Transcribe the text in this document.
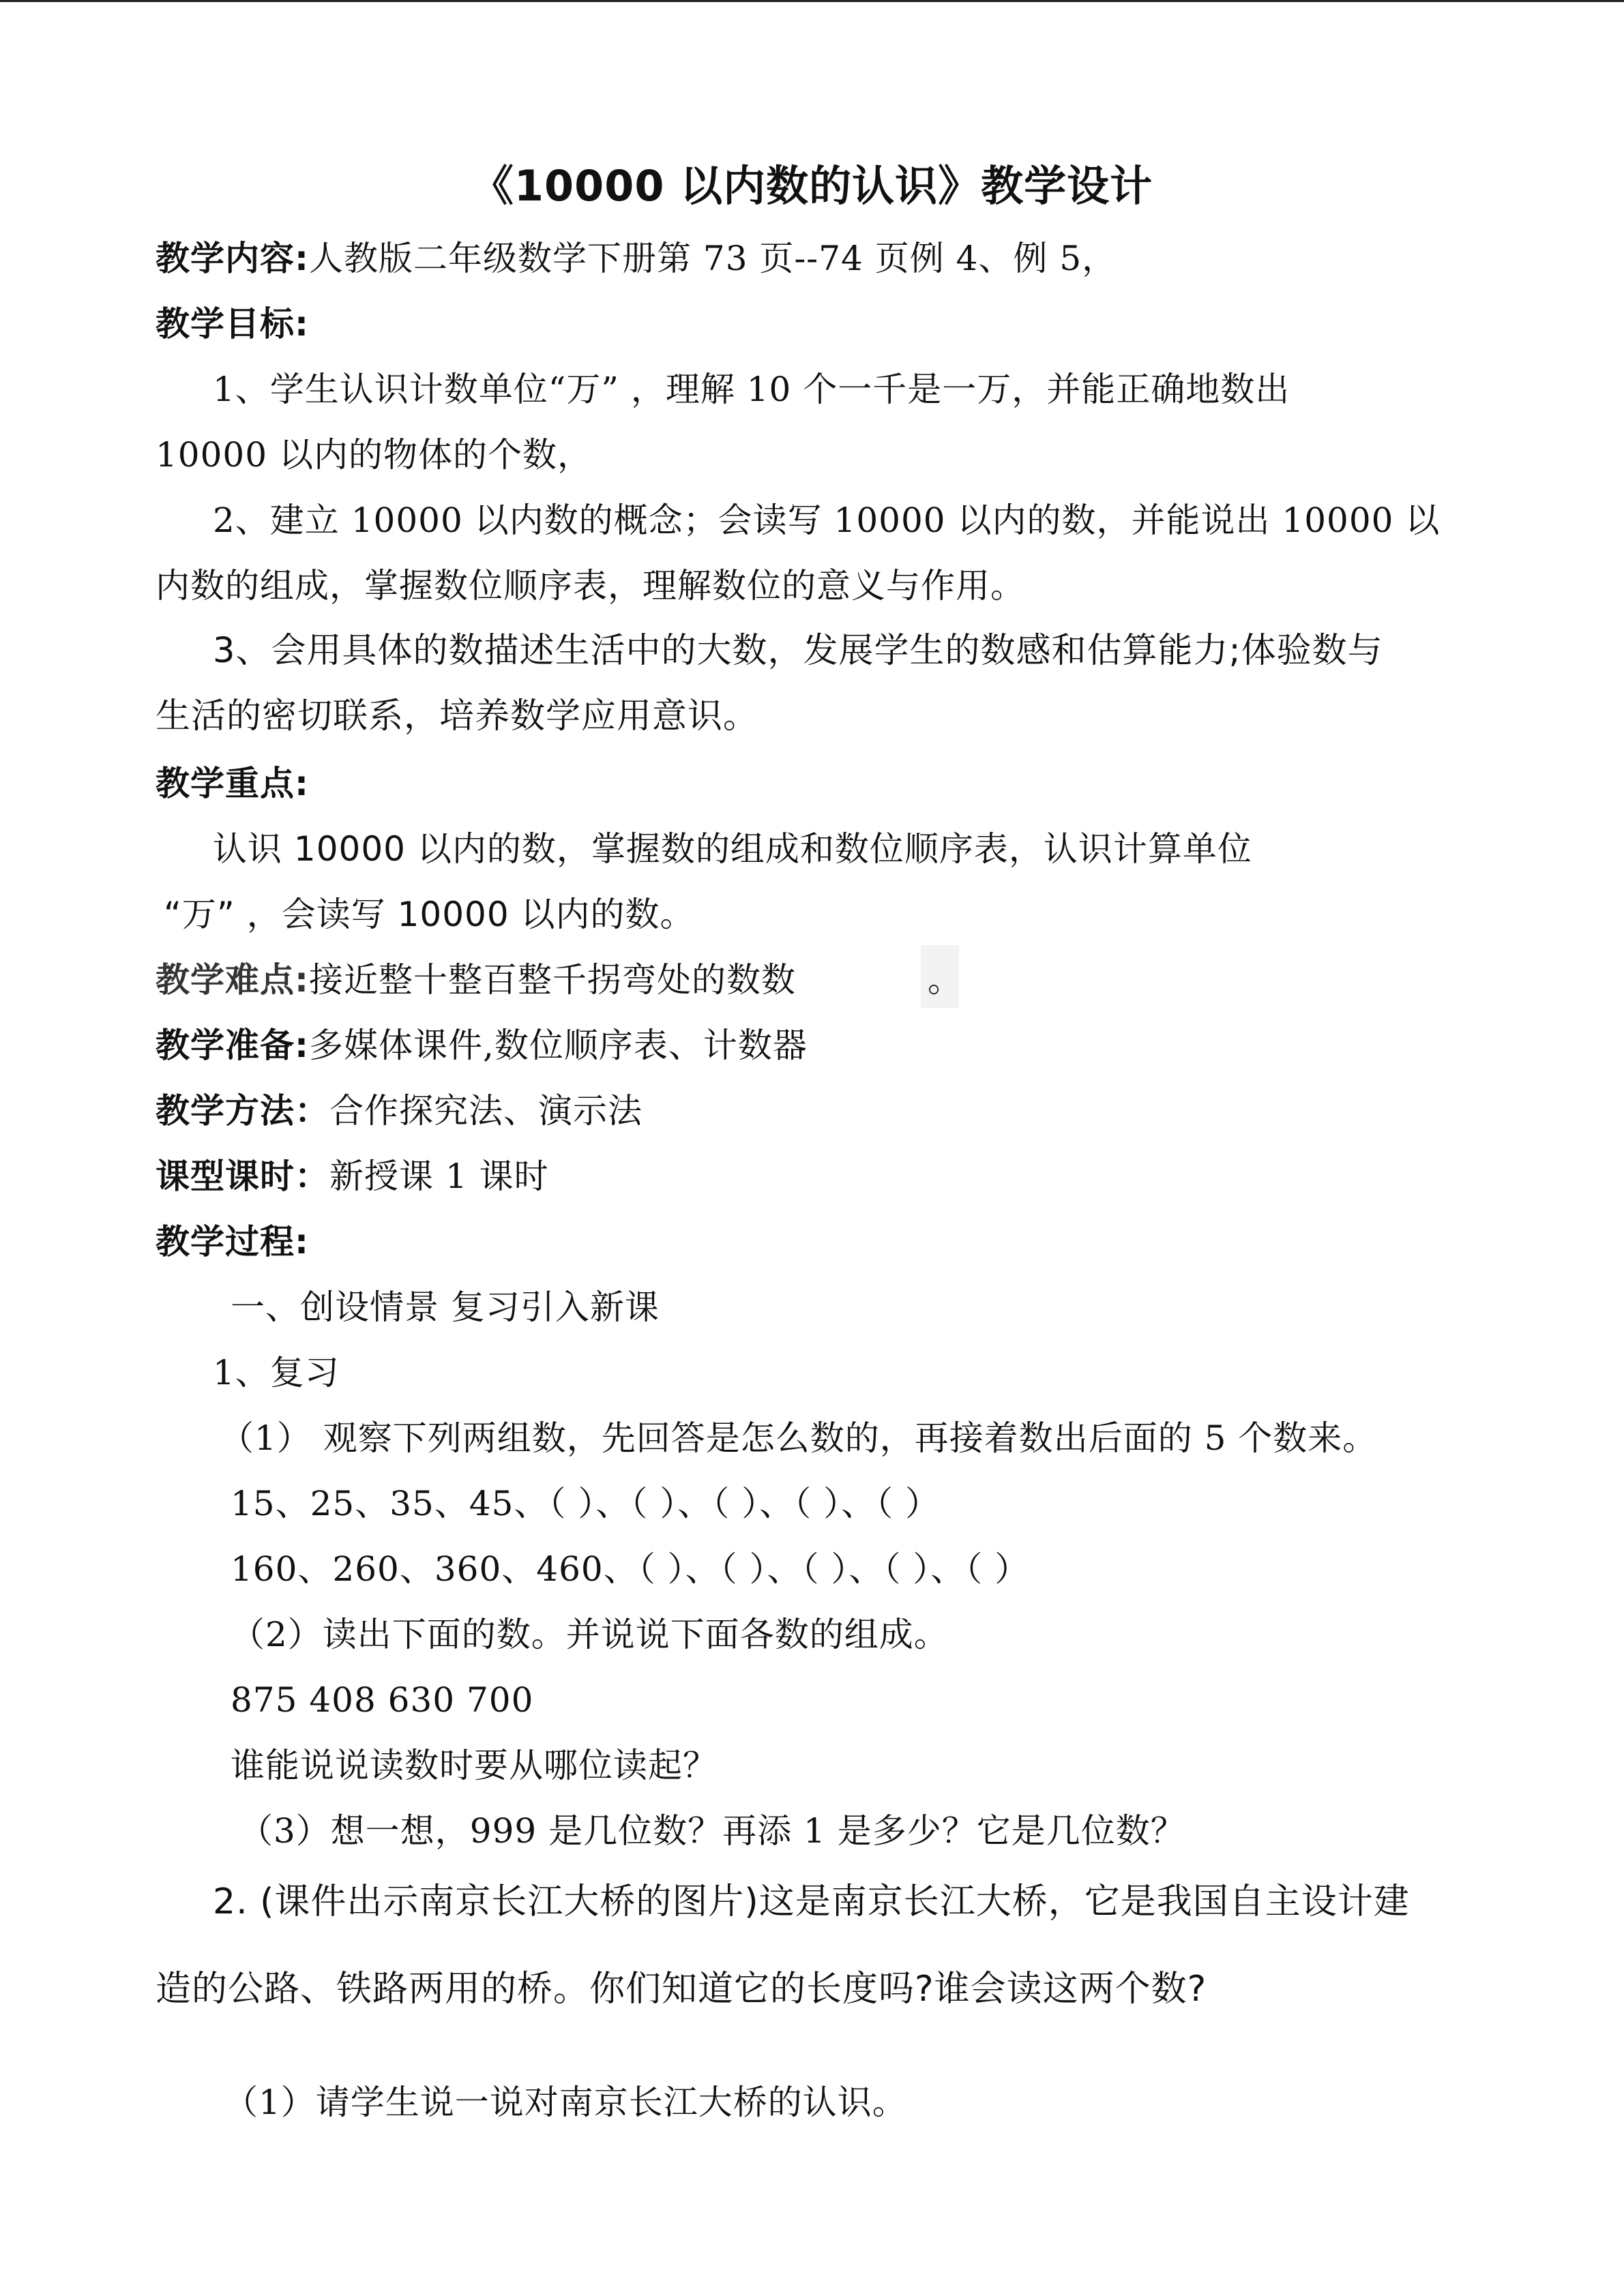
《10000 以内数的认识》教学设计
教学内容:人教版二年级数学下册第 73 页--74 页例 4、例 5，
教学目标:
1、学生认识计数单位“万” ，理解 10 个一千是一万，并能正确地数出
10000 以内的物体的个数，
2、建立 10000 以内数的概念；会读写 10000 以内的数，并能说出 10000 以
内数的组成，掌握数位顺序表，理解数位的意义与作用。
3、会用具体的数描述生活中的大数，发展学生的数感和估算能力;体验数与
生活的密切联系，培养数学应用意识。
教学重点:
认识 10000 以内的数，掌握数的组成和数位顺序表，认识计算单位
“万” ，会读写 10000 以内的数。
教学难点:接近整十整百整千拐弯处的数数	。
教学准备:多媒体课件,数位顺序表、计数器
教学方法：合作探究法、演示法
课型课时：新授课 1 课时
教学过程:
一、创设情景 复习引入新课
1、复习
（1） 观察下列两组数，先回答是怎么数的，再接着数出后面的 5 个数来。
15、25、35、45、（ ）、（ ）、（ ）、（ ）、（ ）
160、260、360、460、（ ）、（ ）、（ ）、（ ）、（ ）
（2）读出下面的数。并说说下面各数的组成。
875 408 630 700
谁能说说读数时要从哪位读起？
（3）想一想，999 是几位数？再添 1 是多少？它是几位数？
2. (课件出示南京长江大桥的图片)这是南京长江大桥，它是我国自主设计建
造的公路、铁路两用的桥。你们知道它的长度吗?谁会读这两个数?
（1）请学生说一说对南京长江大桥的认识。
